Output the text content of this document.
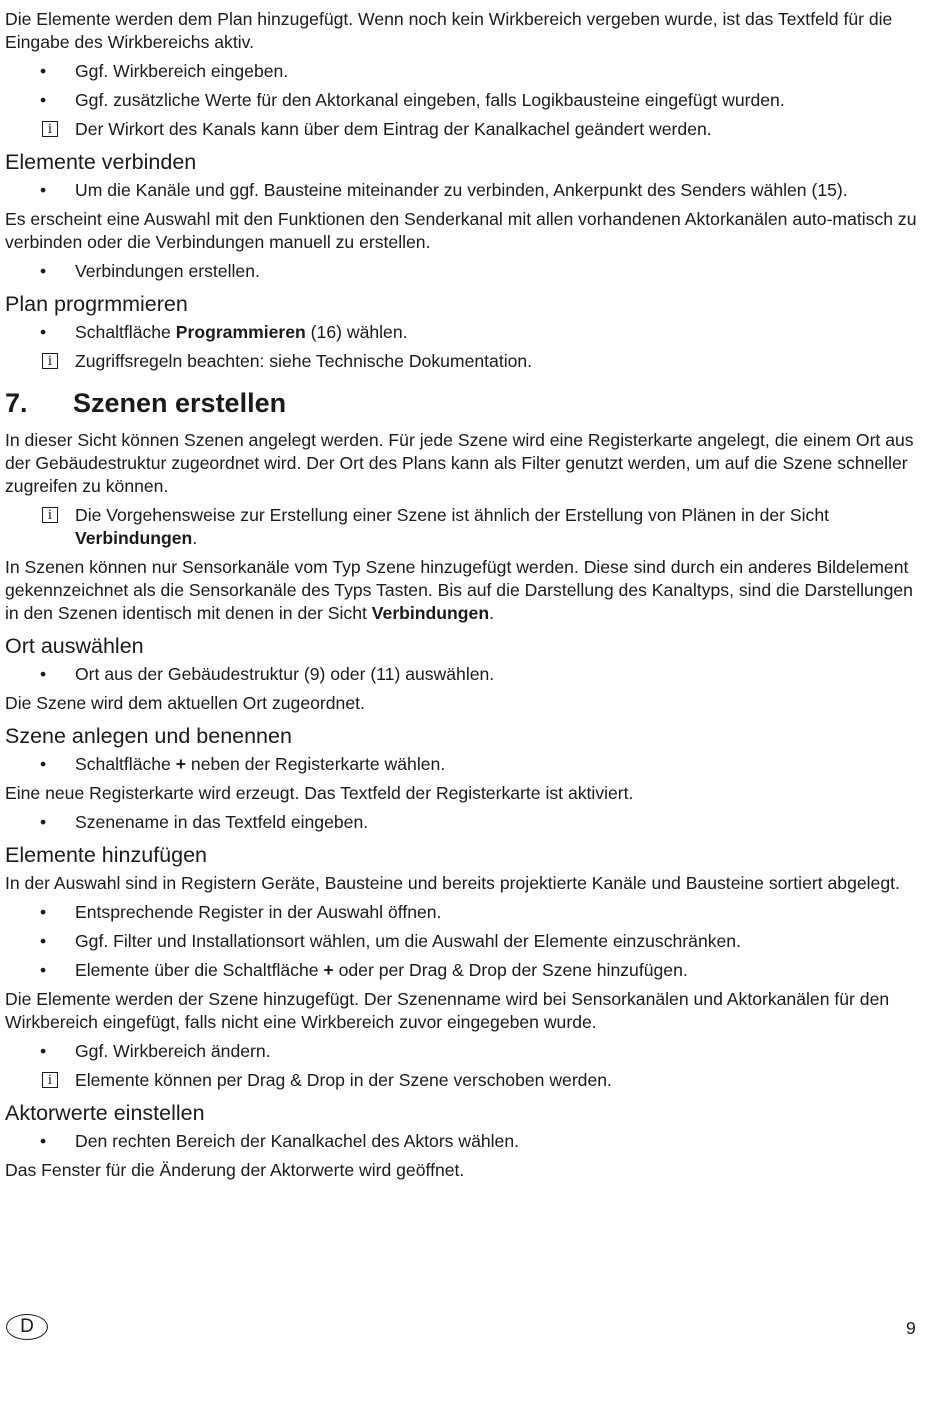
Die Elemente werden dem Plan hinzugefügt. Wenn noch kein Wirkbereich vergeben wurde, ist das Textfeld für die Eingabe des Wirkbereichs aktiv.

•
Ggf. Wirkbereich eingeben.
•
Ggf. zusätzliche Werte für den Aktorkanal eingeben, falls Logikbausteine eingefügt wurden.
i	Der Wirkort des Kanals kann über dem Eintrag der Kanalkachel geändert werden.
Elemente verbinden
•
Um die Kanäle und ggf. Bausteine miteinander zu verbinden, Ankerpunkt des Senders wählen (15).

Es erscheint eine Auswahl mit den Funktionen den Senderkanal mit allen vorhandenen Aktorkanälen auto-matisch zu verbinden oder die Verbindungen manuell zu erstellen.

•
Verbindungen erstellen.
Plan progrmmieren
•
Schaltfläche Programmieren (16) wählen.
i	Zugriffsregeln beachten: siehe Technische Dokumentation.
7.	Szenen erstellen

In dieser Sicht können Szenen angelegt werden. Für jede Szene wird eine Registerkarte angelegt, die einem Ort aus der Gebäudestruktur zugeordnet wird. Der Ort des Plans kann als Filter genutzt werden, um auf die Szene schneller zugreifen zu können.

i	Die Vorgehensweise zur Erstellung einer Szene ist ähnlich der Erstellung von Plänen in der Sicht Verbindungen.

In Szenen können nur Sensorkanäle vom Typ Szene hinzugefügt werden. Diese sind durch ein anderes Bildelement gekennzeichnet als die Sensorkanäle des Typs Tasten. Bis auf die Darstellung des Kanaltyps, sind die Darstellungen in den Szenen identisch mit denen in der Sicht Verbindungen.

Ort auswählen
•
Ort aus der Gebäudestruktur (9) oder (11) auswählen.

Die Szene wird dem aktuellen Ort zugeordnet.

Szene anlegen und benennen
•
Schaltfläche + neben der Registerkarte wählen.

Eine neue Registerkarte wird erzeugt. Das Textfeld der Registerkarte ist aktiviert.

•
Szenename in das Textfeld eingeben.
Elemente hinzufügen

In der Auswahl sind in Registern Geräte, Bausteine und bereits projektierte Kanäle und Bausteine sortiert abgelegt.

•
Entsprechende Register in der Auswahl öffnen.
•
Ggf. Filter und Installationsort wählen, um die Auswahl der Elemente einzuschränken.
•
Elemente über die Schaltfläche + oder per Drag & Drop der Szene hinzufügen.

Die Elemente werden der Szene hinzugefügt. Der Szenenname wird bei Sensorkanälen und Aktorkanälen für den Wirkbereich eingefügt, falls nicht eine Wirkbereich zuvor eingegeben wurde.

•
Ggf. Wirkbereich ändern.
i	Elemente können per Drag & Drop in der Szene verschoben werden.
Aktorwerte einstellen
•
Den rechten Bereich der Kanalkachel des Aktors wählen.

Das Fenster für die Änderung der Aktorwerte wird geöffnet.

D	9
